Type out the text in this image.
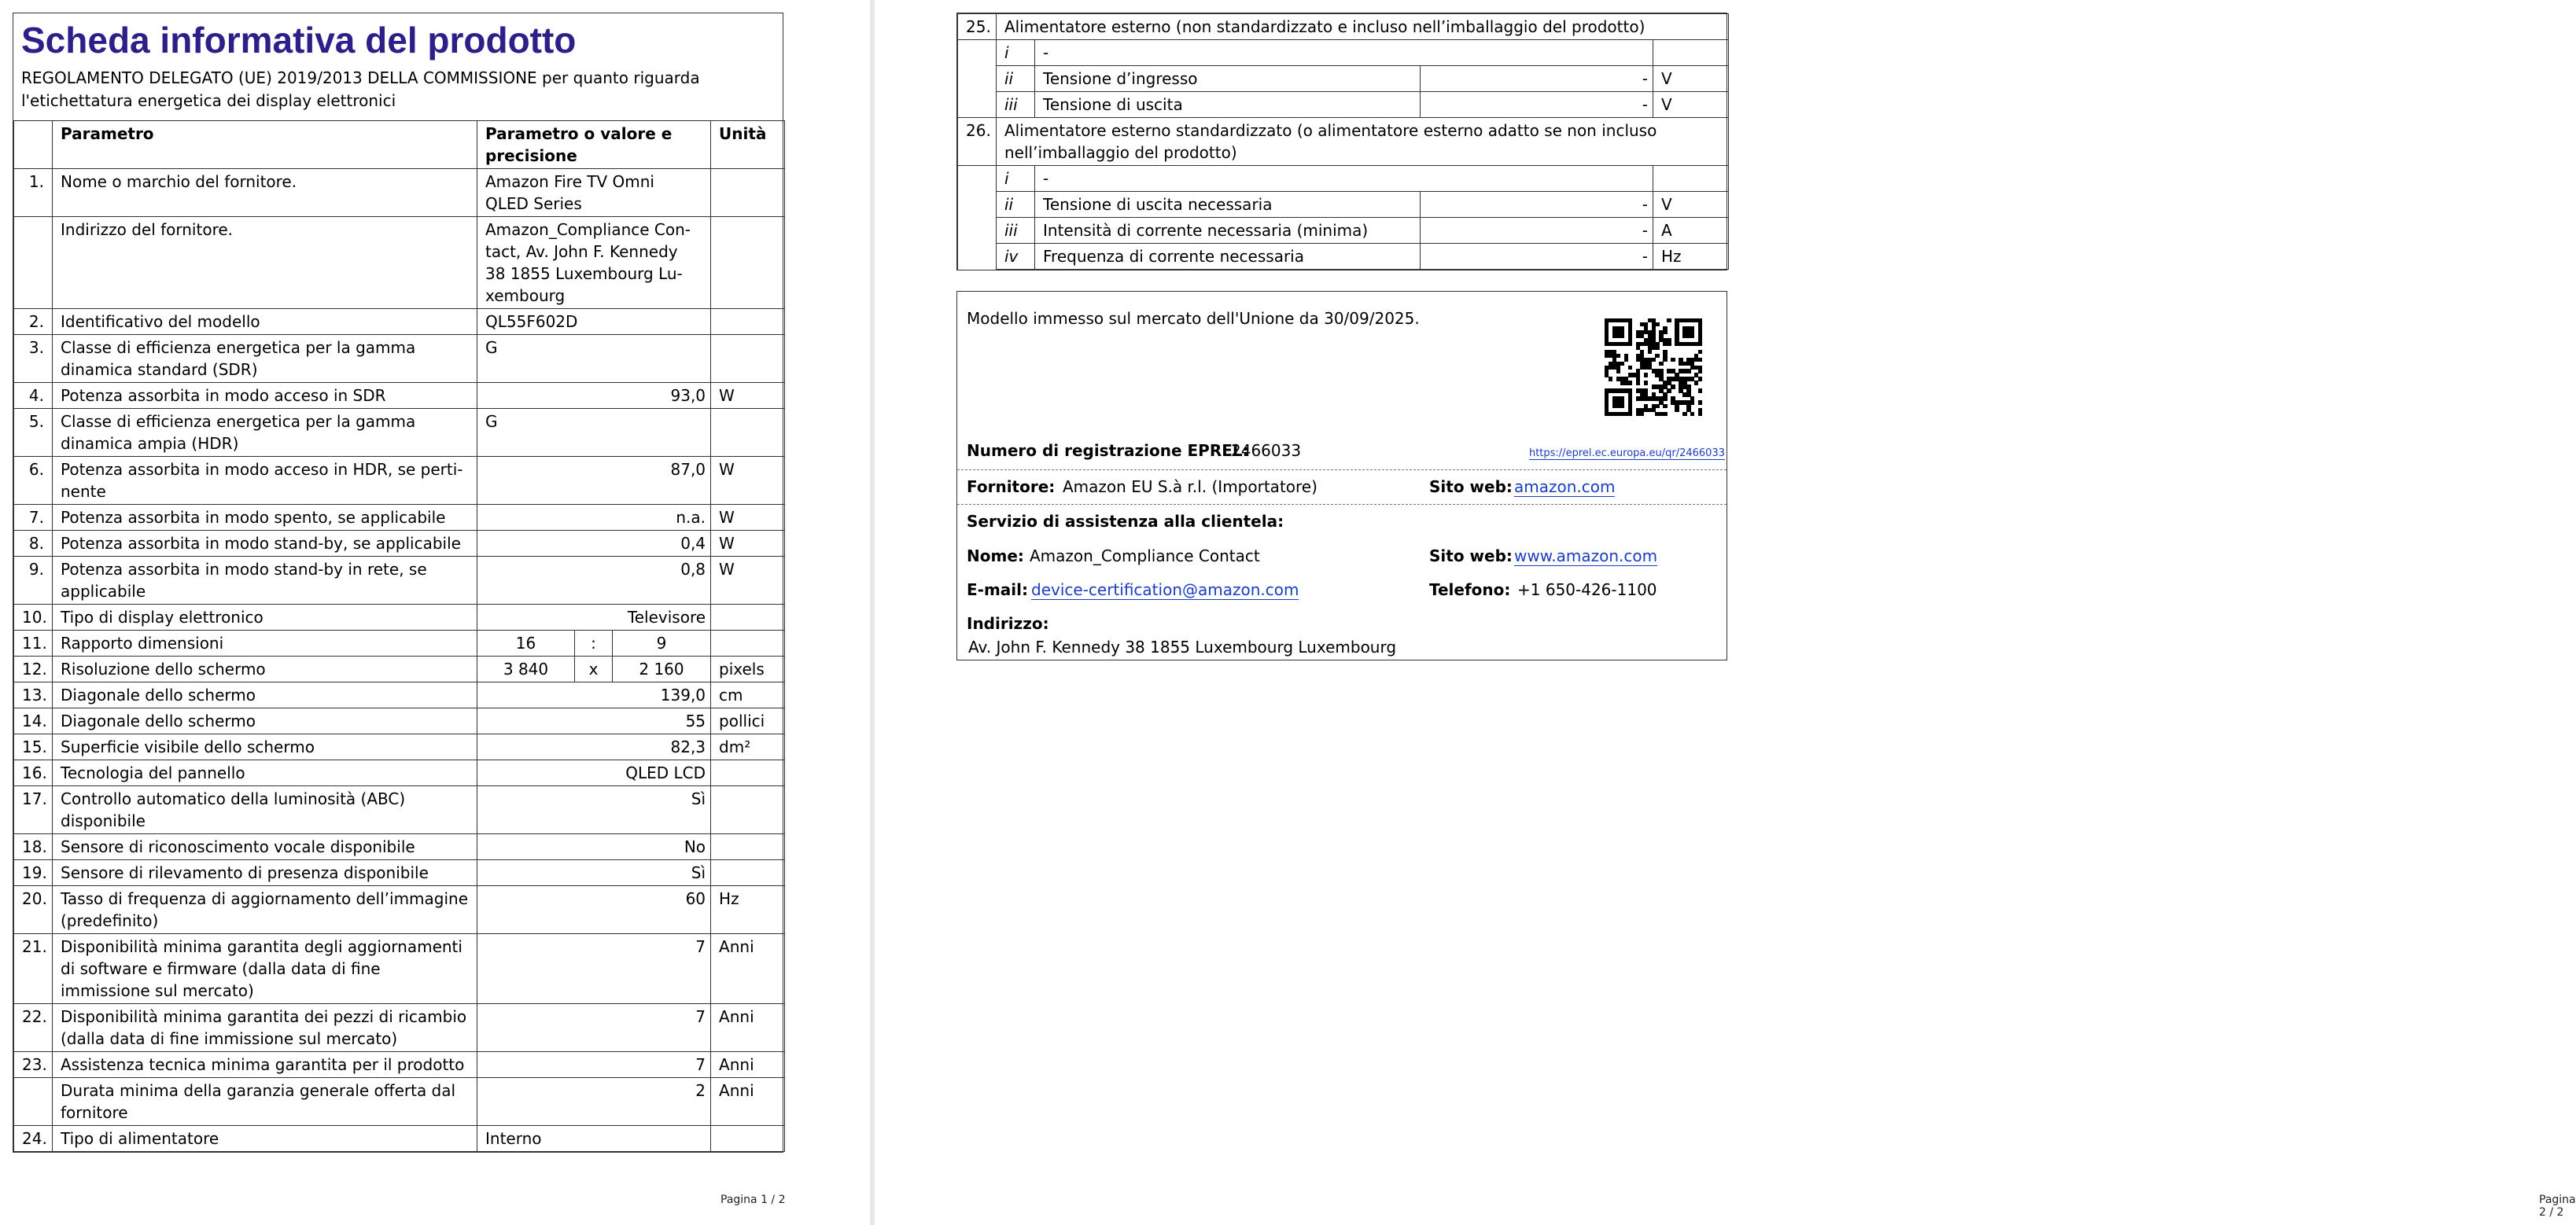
Scheda informativa del prodotto
REGOLAMENTO DELEGATO (UE) 2019/2013 DELLA COMMISSIONE per quanto riguarda l'etichettatura energetica dei display elettronici
	Parametro	Parametro o valore e precisione			Unità
1.	Nome o marchio del fornitore.	Amazon Fire TV Omni QLED Series			
	Indirizzo del fornitore.	Amazon_Compliance Contact, Av. John F. Kennedy 38 1855 Luxembourg Luxembourg			
2.	Identificativo del modello	QL55F602D			
3.	Classe di efficienza energetica per la gamma dinamica standard (SDR)	G			
4.	Potenza assorbita in modo acceso in SDR	93,0			W
5.	Classe di efficienza energetica per la gamma dinamica ampia (HDR)	G			
6.	Potenza assorbita in modo acceso in HDR, se pertinente	87,0			W
7.	Potenza assorbita in modo spento, se applicabile	n.a.			W
8.	Potenza assorbita in modo stand-by, se applicabile	0,4			W
9.	Potenza assorbita in modo stand-by in rete, se applicabile	0,8			W
10.	Tipo di display elettronico	Televisore			
11.	Rapporto dimensioni	16	:	9	
12.	Risoluzione dello schermo	3 840	x	2 160	pixels
13.	Diagonale dello schermo	139,0			cm
14.	Diagonale dello schermo	55			pollici
15.	Superficie visibile dello schermo	82,3			dm²
16.	Tecnologia del pannello	QLED LCD			
17.	Controllo automatico della luminosità (ABC) disponibile	Sì			
18.	Sensore di riconoscimento vocale disponibile	No			
19.	Sensore di rilevamento di presenza disponibile	Sì			
20.	Tasso di frequenza di aggiornamento dell’immagine (predefinito)	60			Hz
21.	Disponibilità minima garantita degli aggiornamenti di software e firmware (dalla data di fine immissione sul mercato)	7			Anni
22.	Disponibilità minima garantita dei pezzi di ricambio (dalla data di fine immissione sul mercato)	7			Anni
23.	Assistenza tecnica minima garantita per il prodotto	7			Anni
	Durata minima della garanzia generale offerta dal fornitore	2			Anni
24.	Tipo di alimentatore	Interno			
Pagina 1 / 2	Pagina 2 / 2
25.	Alimentatore esterno (non standardizzato e incluso nell’imballaggio del prodotto)			
	i	-		
	ii	Tensione d’ingresso	-	V
	iii	Tensione di uscita	-	V
26.	Alimentatore esterno standardizzato (o alimentatore esterno adatto se non incluso nell’imballaggio del prodotto)			
	i	-		
	ii	Tensione di uscita necessaria	-	V
	iii	Intensità di corrente necessaria (minima)	-	A
	iv	Frequenza di corrente necessaria	-	Hz
Modello immesso sul mercato dell'Unione da 30/09/2025.
Numero di registrazione EPREL:
2466033	https://eprel.ec.europa.eu/qr/2466033
Fornitore: Amazon EU S.à r.l. (Importatore)	Sito web: amazon.com
Servizio di assistenza alla clientela:
Nome: Amazon_Compliance Contact	Sito web: www.amazon.com
E-mail: device-certification@amazon.com	Telefono: +1 650-426-1100
Indirizzo:
Av. John F. Kennedy 38 1855 Luxembourg Luxembourg
